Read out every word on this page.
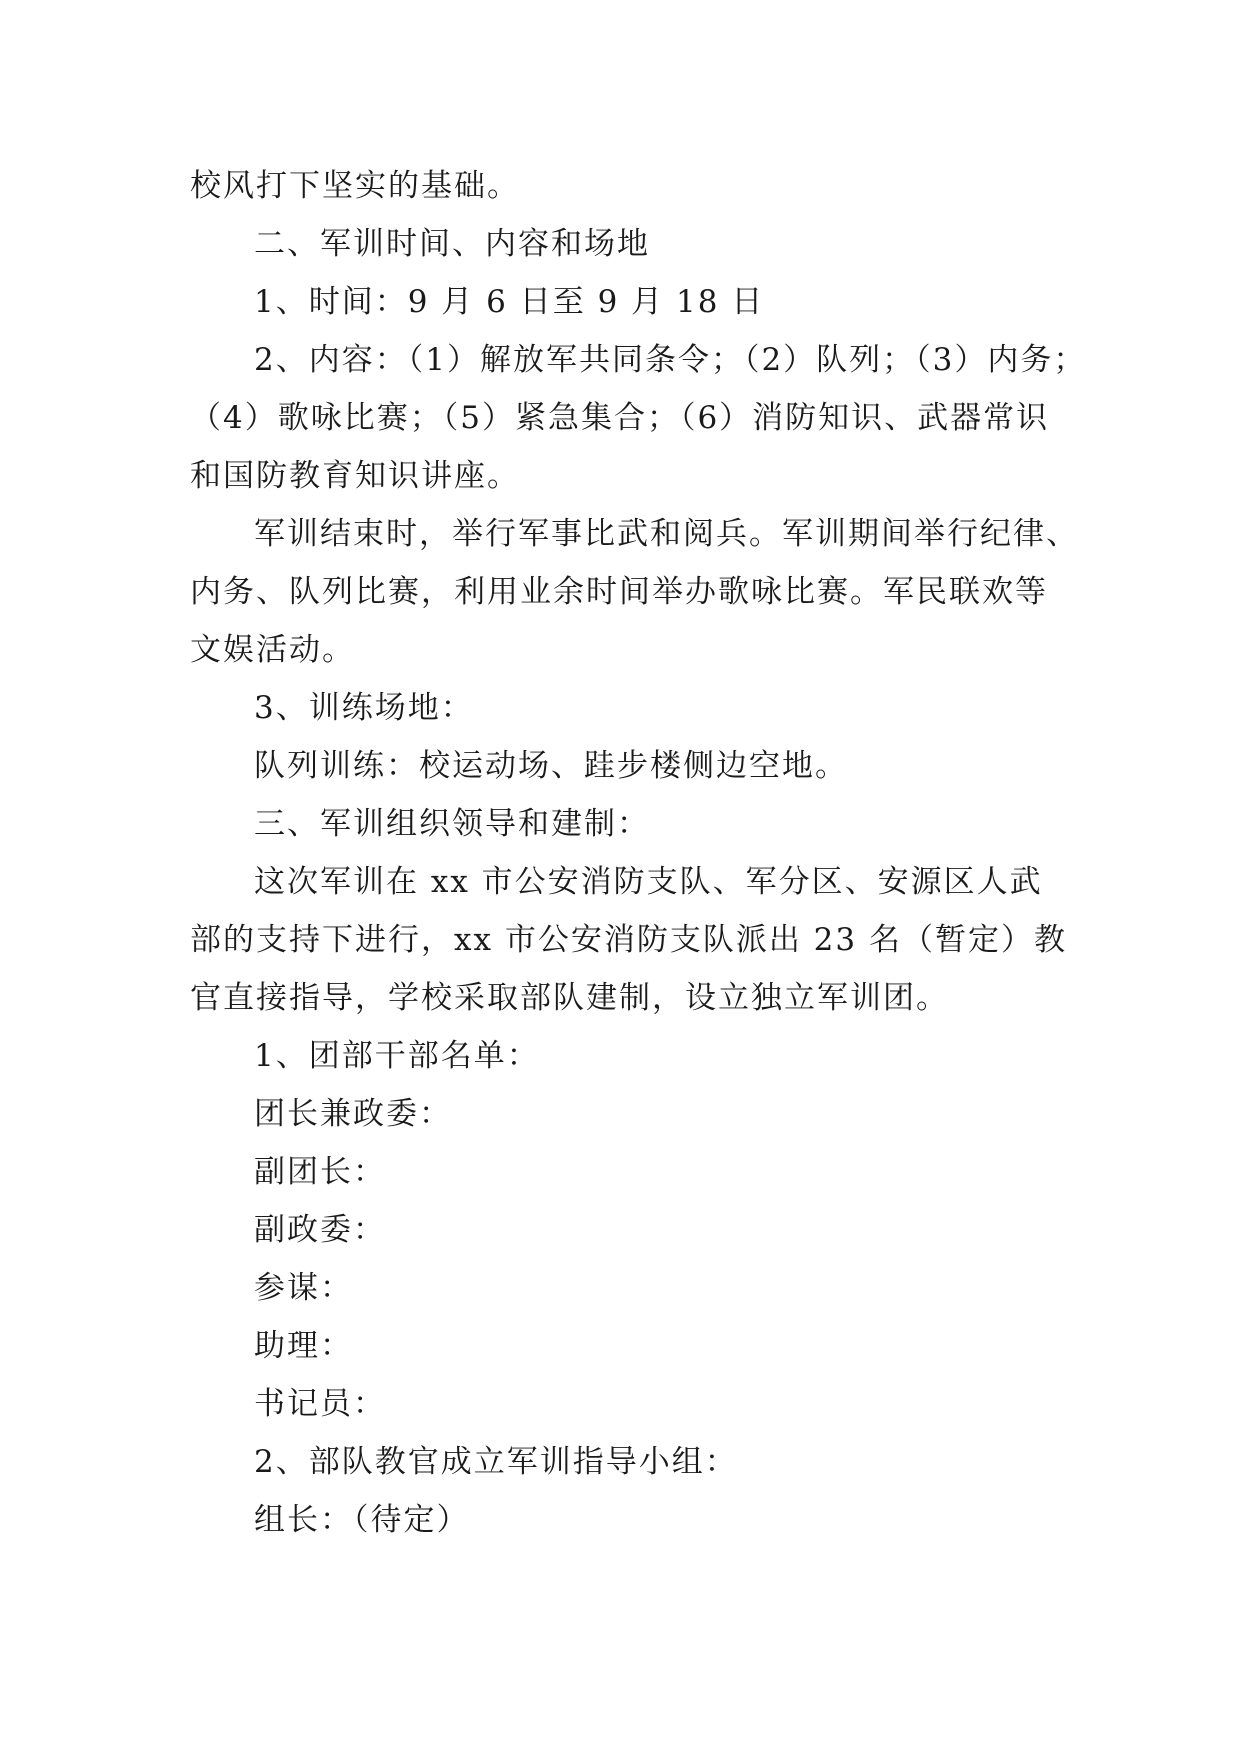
校风打下坚实的基础。
二、军训时间、内容和场地
1、时间：9 月 6 日至 9 月 18 日
2、内容：（1）解放军共同条令；（2）队列；（3）内务；
（4）歌咏比赛；（5）紧急集合；（6）消防知识、武器常识
和国防教育知识讲座。
军训结束时，举行军事比武和阅兵。军训期间举行纪律、
内务、队列比赛，利用业余时间举办歌咏比赛。军民联欢等
文娱活动。
3、训练场地：
队列训练：校运动场、跬步楼侧边空地。
三、军训组织领导和建制：
这次军训在 xx 市公安消防支队、军分区、安源区人武
部的支持下进行，xx 市公安消防支队派出 23 名（暂定）教
官直接指导，学校采取部队建制，设立独立军训团。
1、团部干部名单：
团长兼政委：
副团长：
副政委：
参谋：
助理：
书记员：
2、部队教官成立军训指导小组：
组长：（待定）
